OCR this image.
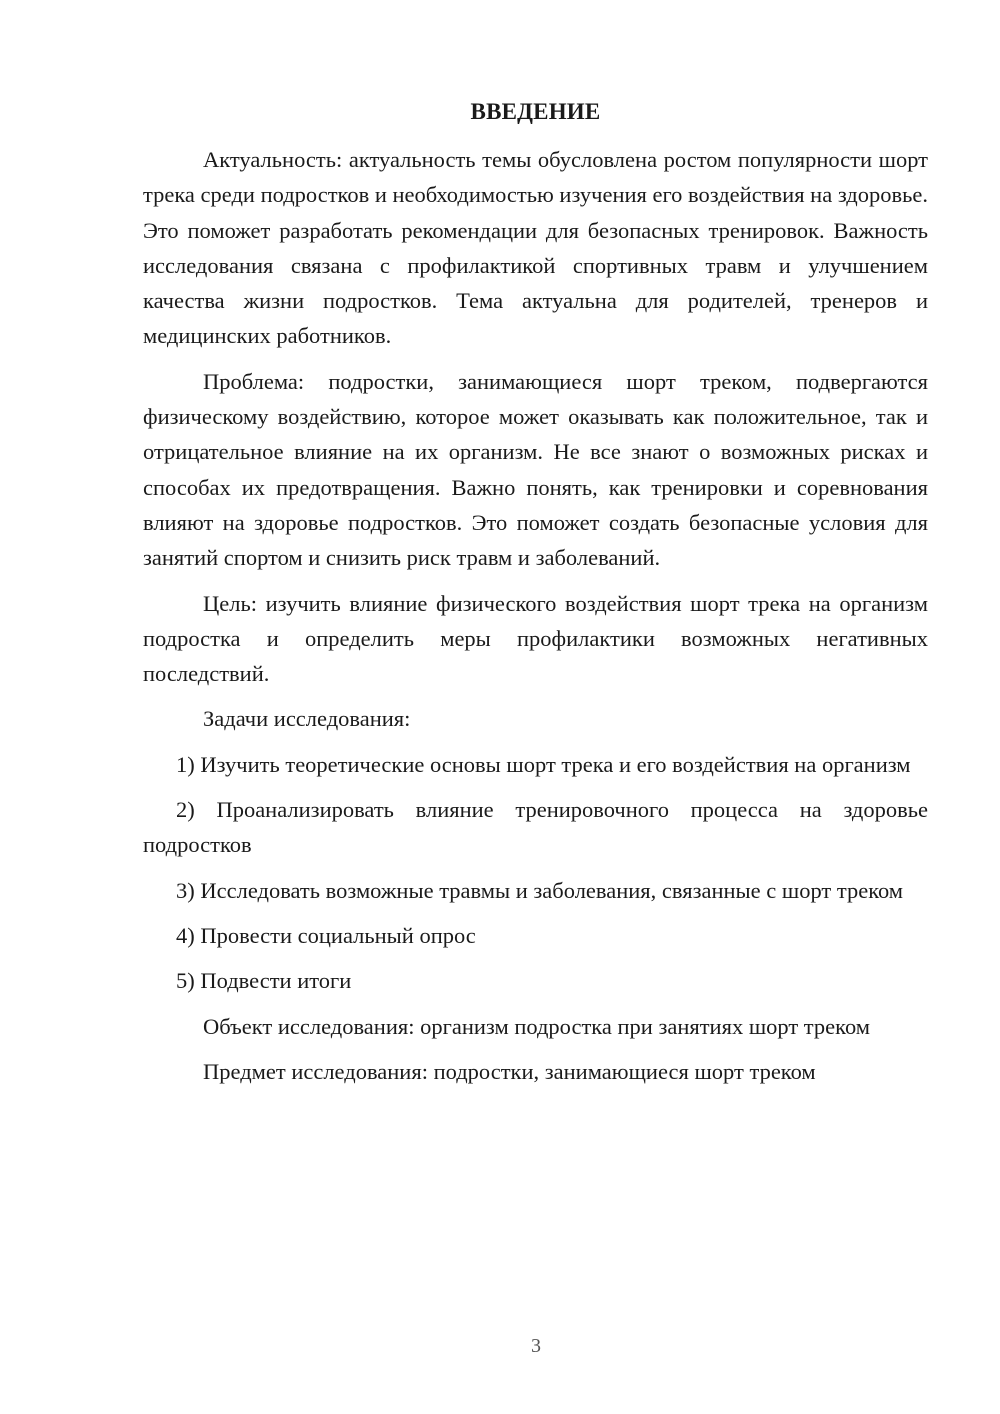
ВВЕДЕНИЕ

Актуальность: актуальность темы обусловлена ростом популярности шорт трека среди подростков и необходимостью изучения его воздействия на здоровье. Это поможет разработать рекомендации для безопасных тренировок. Важность исследования связана с профилактикой спортивных травм и улучшением качества жизни подростков. Тема актуальна для родителей, тренеров и медицинских работников.

Проблема: подростки, занимающиеся шорт треком, подвергаются физическому воздействию, которое может оказывать как положительное, так и отрицательное влияние на их организм. Не все знают о возможных рисках и способах их предотвращения. Важно понять, как тренировки и соревнования влияют на здоровье подростков. Это поможет создать безопасные условия для занятий спортом и снизить риск травм и заболеваний.

Цель: изучить влияние физического воздействия шорт трека на организм подростка и определить меры профилактики возможных негативных последствий.

Задачи исследования:

1) Изучить теоретические основы шорт трека и его воздействия на организм

2) Проанализировать влияние тренировочного процесса на здоровье подростков

3) Исследовать возможные травмы и заболевания, связанные с шорт треком

4) Провести социальный опрос

5) Подвести итоги

Объект исследования: организм подростка при занятиях шорт треком

Предмет исследования: подростки, занимающиеся шорт треком

3
